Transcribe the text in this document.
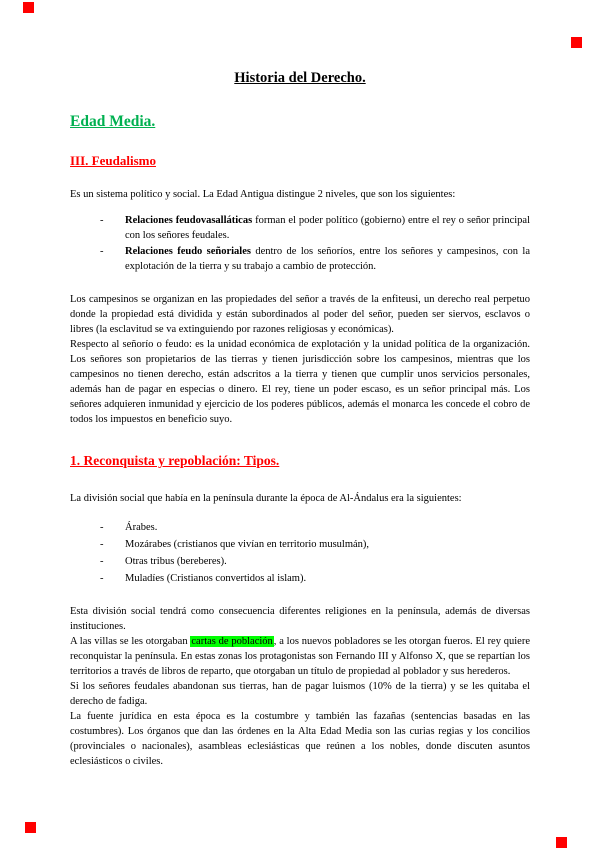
Historia del Derecho.
Edad Media.
III. Feudalismo

Es un sistema político y social. La Edad Antigua distingue 2 niveles, que son los siguientes:

-	Relaciones feudovasalláticas forman el poder político (gobierno) entre el rey o señor principal con los señores feudales.
-	Relaciones feudo señoriales dentro de los señoríos, entre los señores y campesinos, con la explotación de la tierra y su trabajo a cambio de protección.

Los campesinos se organizan en las propiedades del señor a través de la enfiteusi, un derecho real perpetuo donde la propiedad está dividida y están subordinados al poder del señor, pueden ser siervos, esclavos o libres (la esclavitud se va extinguiendo por razones religiosas y económicas).

Respecto al señorío o feudo: es la unidad económica de explotación y la unidad política de la organización. Los señores son propietarios de las tierras y tienen jurisdicción sobre los campesinos, mientras que los campesinos no tienen derecho, están adscritos a la tierra y tienen que cumplir unos servicios personales, además han de pagar en especias o dinero. El rey, tiene un poder escaso, es un señor principal más. Los señores adquieren inmunidad y ejercicio de los poderes públicos, además el monarca les concede el cobro de todos los impuestos en beneficio suyo.

1. Reconquista y repoblación: Tipos.

La división social que había en la península durante la época de Al-Ándalus era la siguientes:

-	Árabes.
-	Mozárabes (cristianos que vivían en territorio musulmán),
-	Otras tribus (bereberes).
-	Muladíes (Cristianos convertidos al islam).

Esta división social tendrá como consecuencia diferentes religiones en la península, además de diversas instituciones.

A las villas se les otorgaban cartas de población, a los nuevos pobladores se les otorgan fueros. El rey quiere reconquistar la península. En estas zonas los protagonistas son Fernando III y Alfonso X, que se repartían los territorios a través de libros de reparto, que otorgaban un título de propiedad al poblador y sus herederos.

Si los señores feudales abandonan sus tierras, han de pagar luismos (10% de la tierra) y se les quitaba el derecho de fadiga.

La fuente jurídica en esta época es la costumbre y también las fazañas (sentencias basadas en las costumbres). Los órganos que dan las órdenes en la Alta Edad Media son las curias regias y los concilios (provinciales o nacionales), asambleas eclesiásticas que reúnen a los nobles, donde discuten asuntos eclesiásticos o civiles.
